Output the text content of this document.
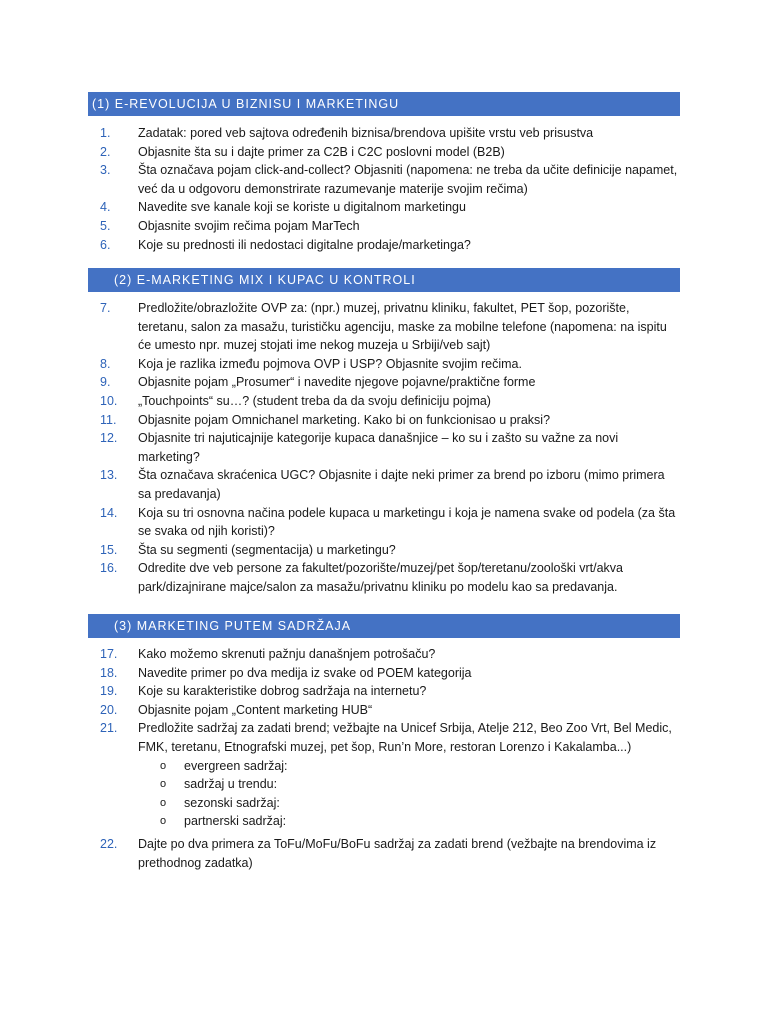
(1) E-REVOLUCIJA U BIZNISU I MARKETINGU
1.	Zadatak: pored veb sajtova određenih biznisa/brendova upišite vrstu veb prisustva
2.	Objasnite šta su i dajte primer za C2B i C2C poslovni model (B2B)
3.	Šta označava pojam click-and-collect? Objasniti (napomena: ne treba da učite definicije napamet, već da u odgovoru demonstrirate razumevanje materije svojim rečima)
4.	Navedite sve kanale koji se koriste u digitalnom marketingu
5.	Objasnite svojim rečima pojam MarTech
6.	Koje su prednosti ili nedostaci digitalne prodaje/marketinga?
(2) E-MARKETING MIX I KUPAC U KONTROLI
7.	Predložite/obrazložite OVP za: (npr.) muzej, privatnu kliniku, fakultet, PET šop, pozorište, teretanu, salon za masažu, turističku agenciju, maske za mobilne telefone (napomena: na ispitu će umesto npr. muzej stojati ime nekog muzeja u Srbiji/veb sajt)
8.	Koja je razlika između pojmova OVP i USP? Objasnite svojim rečima.
9.	Objasnite pojam „Prosumer“ i navedite njegove pojavne/praktične forme
10.	„Touchpoints“ su…? (student treba da da svoju definiciju pojma)
11.	Objasnite pojam Omnichanel marketing. Kako bi on funkcionisao u praksi?
12.	Objasnite tri najuticajnije kategorije kupaca današnjice – ko su i zašto su važne za novi marketing?
13.	Šta označava skraćenica UGC? Objasnite i dajte neki primer za brend po izboru (mimo primera sa predavanja)
14.	Koja su tri osnovna načina podele kupaca u marketingu i koja je namena svake od podela (za šta se svaka od njih koristi)?
15.	Šta su segmenti (segmentacija) u marketingu?
16.	Odredite dve veb persone za fakultet/pozorište/muzej/pet šop/teretanu/zoološki vrt/akva park/dizajnirane majce/salon za masažu/privatnu kliniku po modelu kao sa predavanja.
(3) MARKETING PUTEM SADRŽAJA
17.	Kako možemo skrenuti pažnju današnjem potrošaču?
18.	Navedite primer po dva medija iz svake od POEM kategorija
19.	Koje su karakteristike dobrog sadržaja na internetu?
20.	Objasnite pojam „Content marketing HUB“
21.	Predložite sadržaj za zadati brend; vežbajte na Unicef Srbija, Atelje 212, Beo Zoo Vrt, Bel Medic, FMK, teretanu, Etnografski muzej, pet šop, Run’n More, restoran Lorenzo i Kakalamba...)
o	evergreen sadržaj:
o	sadržaj u trendu:
o	sezonski sadržaj:
o	partnerski sadržaj:
22.	Dajte po dva primera za ToFu/MoFu/BoFu sadržaj za zadati brend (vežbajte na brendovima iz prethodnog zadatka)
